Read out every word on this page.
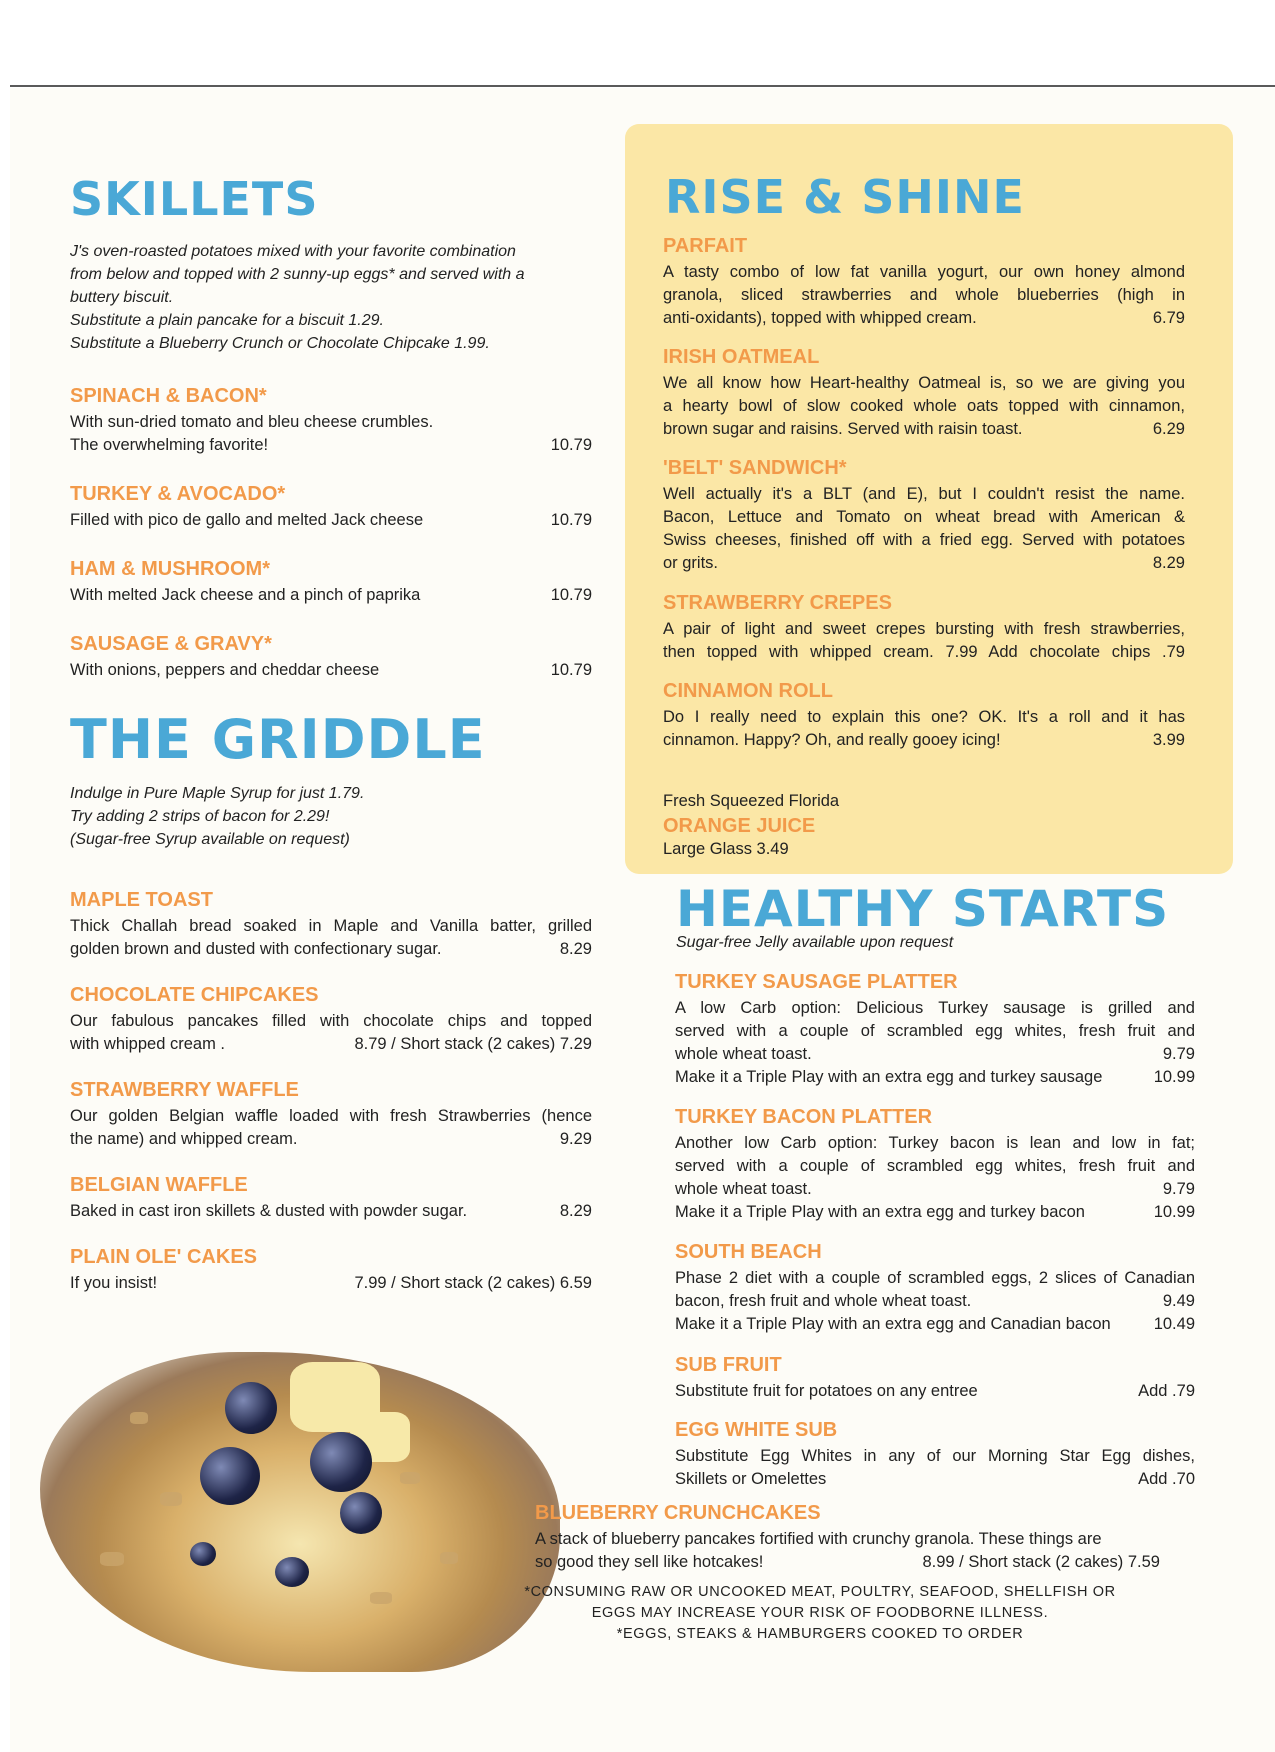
SKILLETS
J's oven-roasted potatoes mixed with your favorite combination
from below and topped with 2 sunny-up eggs* and served with a
buttery biscuit.
Substitute a plain pancake for a biscuit 1.29.
Substitute a Blueberry Crunch or Chocolate Chipcake 1.99.
SPINACH & BACON*
With sun-dried tomato and bleu cheese crumbles.
The overwhelming favorite!	10.79
TURKEY & AVOCADO*
Filled with pico de gallo and melted Jack cheese	10.79
HAM & MUSHROOM*
With melted Jack cheese and a pinch of paprika	10.79
SAUSAGE & GRAVY*
With onions, peppers and cheddar cheese	10.79
THE GRIDDLE
Indulge in Pure Maple Syrup for just 1.79.
Try adding 2 strips of bacon for 2.29!
(Sugar-free Syrup available on request)
MAPLE TOAST
Thick Challah bread soaked in Maple and Vanilla batter, grilled
golden brown and dusted with confectionary sugar.	8.29
CHOCOLATE CHIPCAKES
Our fabulous pancakes filled with chocolate chips and topped
with whipped cream .	8.79 / Short stack (2 cakes) 7.29
STRAWBERRY WAFFLE
Our golden Belgian waffle loaded with fresh Strawberries (hence
the name) and whipped cream.	9.29
BELGIAN WAFFLE
Baked in cast iron skillets & dusted with powder sugar.	8.29
PLAIN OLE' CAKES
If you insist!	7.99 / Short stack (2 cakes) 6.59
RISE & SHINE
PARFAIT
A tasty combo of low fat vanilla yogurt, our own honey almond
granola, sliced strawberries and whole blueberries (high in
anti-oxidants), topped with whipped cream.	6.79
IRISH OATMEAL
We all know how Heart-healthy Oatmeal is, so we are giving you
a hearty bowl of slow cooked whole oats topped with cinnamon,
brown sugar and raisins. Served with raisin toast.	6.29
'BELT' SANDWICH*
Well actually it's a BLT (and E), but I couldn't resist the name.
Bacon, Lettuce and Tomato on wheat bread with American &
Swiss cheeses, finished off with a fried egg. Served with potatoes
or grits.	8.29
STRAWBERRY CREPES
A pair of light and sweet crepes bursting with fresh strawberries,
then topped with whipped cream. 7.99 Add chocolate chips .79
CINNAMON ROLL
Do I really need to explain this one? OK. It's a roll and it has
cinnamon. Happy? Oh, and really gooey icing!	3.99
Fresh Squeezed Florida
ORANGE JUICE
Large Glass 3.49
HEALTHY STARTS
Sugar-free Jelly available upon request
TURKEY SAUSAGE PLATTER
A low Carb option: Delicious Turkey sausage is grilled and
served with a couple of scrambled egg whites, fresh fruit and
whole wheat toast.	9.79
Make it a Triple Play with an extra egg and turkey sausage	10.99
TURKEY BACON PLATTER
Another low Carb option: Turkey bacon is lean and low in fat;
served with a couple of scrambled egg whites, fresh fruit and
whole wheat toast.	9.79
Make it a Triple Play with an extra egg and turkey bacon	10.99
SOUTH BEACH
Phase 2 diet with a couple of scrambled eggs, 2 slices of Canadian
bacon, fresh fruit and whole wheat toast.	9.49
Make it a Triple Play with an extra egg and Canadian bacon	10.49
SUB FRUIT
Substitute fruit for potatoes on any entree	Add .79
EGG WHITE SUB
Substitute Egg Whites in any of our Morning Star Egg dishes,
Skillets or Omelettes	Add .70
BLUEBERRY CRUNCHCAKES
A stack of blueberry pancakes fortified with crunchy granola. These things are
so good they sell like hotcakes!	8.99 / Short stack (2 cakes) 7.59
*CONSUMING RAW OR UNCOOKED MEAT, POULTRY, SEAFOOD, SHELLFISH OR
EGGS MAY INCREASE YOUR RISK OF FOODBORNE ILLNESS.
*EGGS, STEAKS & HAMBURGERS COOKED TO ORDER
